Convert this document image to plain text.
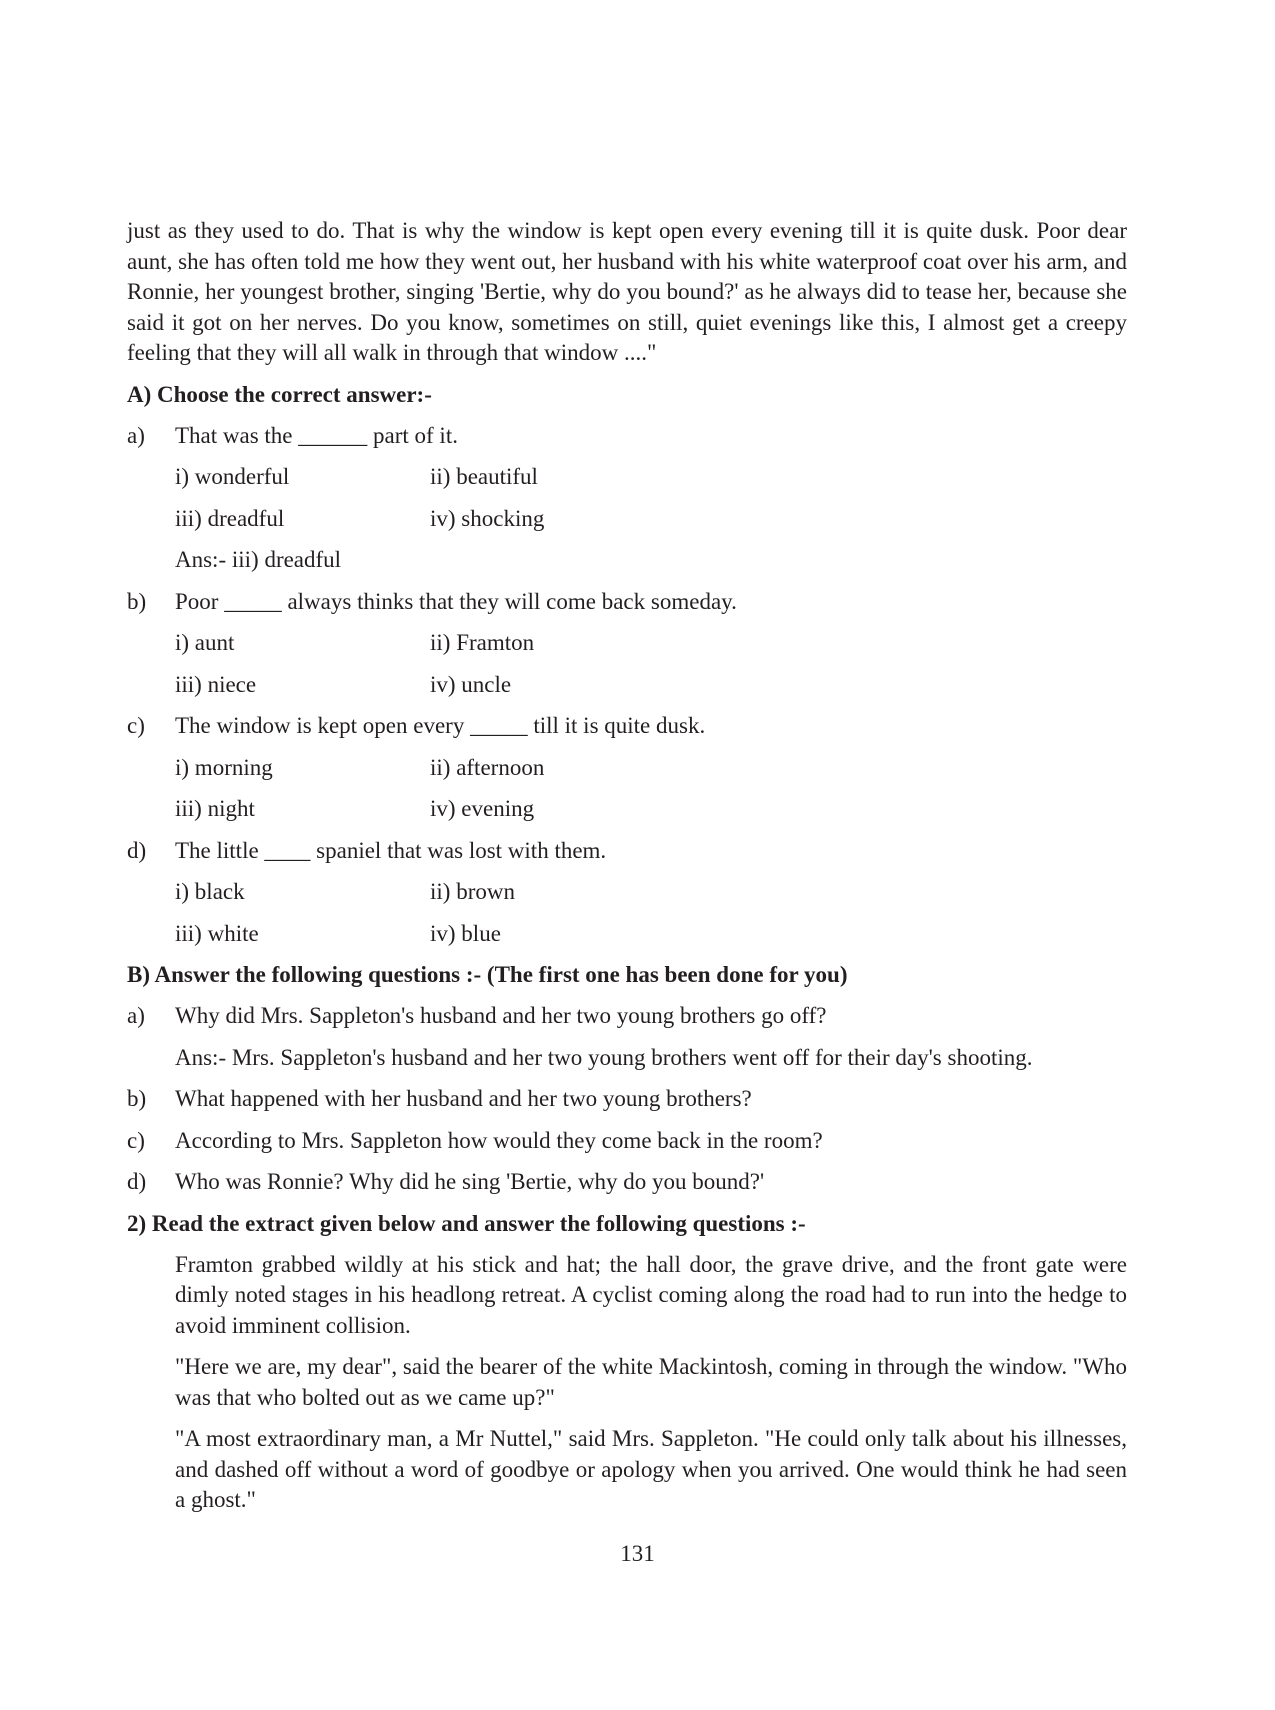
just as they used to do. That is why the window is kept open every evening till it is quite dusk. Poor dear aunt, she has often told me how they went out, her husband with his white waterproof coat over his arm, and Ronnie, her youngest brother, singing 'Bertie, why do you bound?' as he always did to tease her, because she said it got on her nerves. Do you know, sometimes on still, quiet evenings like this, I almost get a creepy feeling that they will all walk in through that window ...."

A) Choose the correct answer:-
a)	That was the ______ part of it.
i) wonderful	ii) beautiful
iii) dreadful	iv) shocking
Ans:- iii) dreadful
b)	Poor _____ always thinks that they will come back someday.
i) aunt	ii) Framton
iii) niece	iv) uncle
c)	The window is kept open every _____ till it is quite dusk.
i) morning	ii) afternoon
iii) night	iv) evening
d)	The little ____ spaniel that was lost with them.
i) black	ii) brown
iii) white	iv) blue
B) Answer the following questions :- (The first one has been done for you)
a)	Why did Mrs. Sappleton's husband and her two young brothers go off?
Ans:- Mrs. Sappleton's husband and her two young brothers went off for their day's shooting.
b)	What happened with her husband and her two young brothers?
c)	According to Mrs. Sappleton how would they come back in the room?
d)	Who was Ronnie? Why did he sing 'Bertie, why do you bound?'
2) Read the extract given below and answer the following questions :-

Framton grabbed wildly at his stick and hat; the hall door, the grave drive, and the front gate were dimly noted stages in his headlong retreat. A cyclist coming along the road had to run into the hedge to avoid imminent collision.

"Here we are, my dear", said the bearer of the white Mackintosh, coming in through the window. "Who was that who bolted out as we came up?"

"A most extraordinary man, a Mr Nuttel," said Mrs. Sappleton. "He could only talk about his illnesses, and dashed off without a word of goodbye or apology when you arrived. One would think he had seen a ghost."

131
